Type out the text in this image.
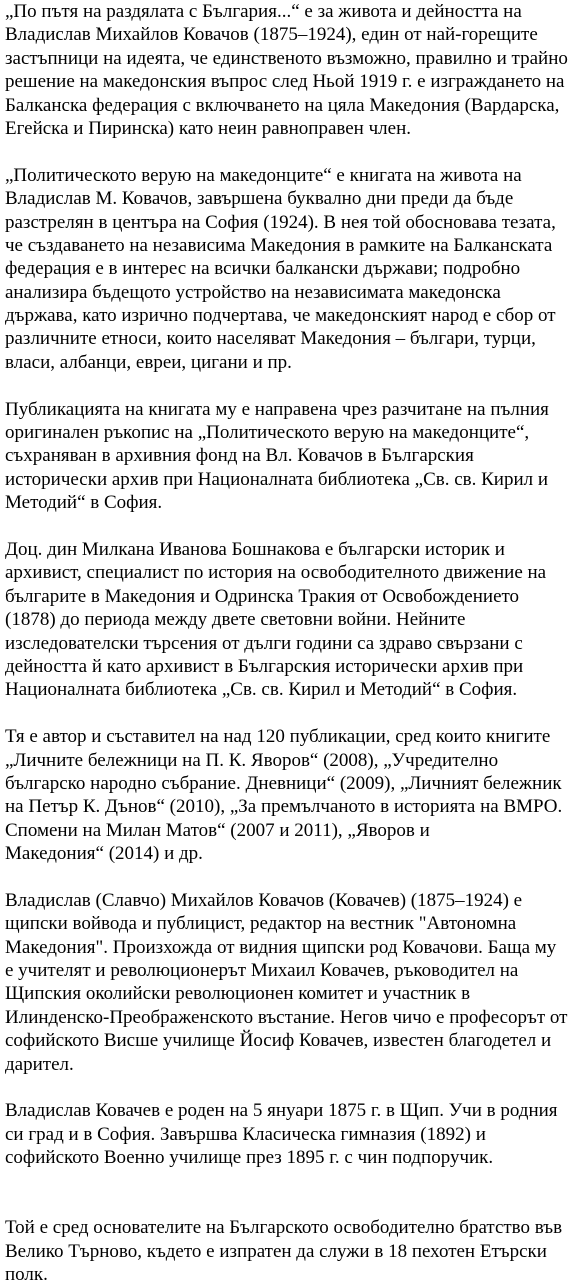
„По пътя на раздялата с България...“ е за живота и дейността на
Владислав Михайлов Ковачов (1875–1924), един от най-горещите
застъпници на идеята, че единственото възможно, правилно и трайно
решение на македонския въпрос след Ньой 1919 г. е изграждането на
Балканска федерация с включването на цяла Македония (Вардарска,
Егейска и Пиринска) като неин равноправен член.

„Политическото верую на македонците“ е книгата на живота на
Владислав М. Ковачов, завършена буквално дни преди да бъде
разстрелян в центъра на София (1924). В нея той обосновава тезата,
че създаването на независима Македония в рамките на Балканската
федерация е в интерес на всички балкански държави; подробно
анализира бъдещото устройство на независимата македонска
държава, като изрично подчертава, че македонският народ е сбор от
различните етноси, които населяват Македония – българи, турци,
власи, албанци, евреи, цигани и пр.

Публикацията на книгата му е направена чрез разчитане на пълния
оригинален ръкопис на „Политическото верую на македонците“,
съхраняван в архивния фонд на Вл. Ковачов в Българския
исторически архив при Националната библиотека „Св. св. Кирил и
Методий“ в София.

Доц. дин Милкана Иванова Бошнакова е български историк и
архивист, специалист по история на освободителното движение на
българите в Македония и Одринска Тракия от Освобождението
(1878) до периода между двете световни войни. Нейните
изследователски търсения от дълги години са здраво свързани с
дейността й като архивист в Българския исторически архив при
Националната библиотека „Св. св. Кирил и Методий“ в София.

Тя е автор и съставител на над 120 публикации, сред които книгите
„Личните бележници на П. К. Яворов“ (2008), „Учредително
българско народно събрание. Дневници“ (2009), „Личният бележник
на Петър К. Дънов“ (2010), „За премълчаното в историята на ВМРО.
Спомени на Милан Матов“ (2007 и 2011), „Яворов и
Македония“ (2014) и др.

Владислав (Славчо) Михайлов Ковачов (Ковачев) (1875–1924) е
щипски войвода и публицист, редактор на вестник "Автономна
Македония". Произхожда от видния щипски род Ковачови. Баща му
е учителят и революционерът Михаил Ковачев, ръководител на
Щипския околийски революционен комитет и участник в
Илинденско-Преображенското въстание. Негов чичо е професорът от
софийското Висше училище Йосиф Ковачев, известен благодетел и
дарител.

Владислав Ковачев е роден на 5 януари 1875 г. в Щип. Учи в родния
си град и в София. Завършва Класическа гимназия (1892) и
софийското Военно училище през 1895 г. с чин подпоручик.

Той е сред основателите на Българското освободително братство във
Велико Търново, където е изпратен да служи в 18 пехотен Етърски
полк.
